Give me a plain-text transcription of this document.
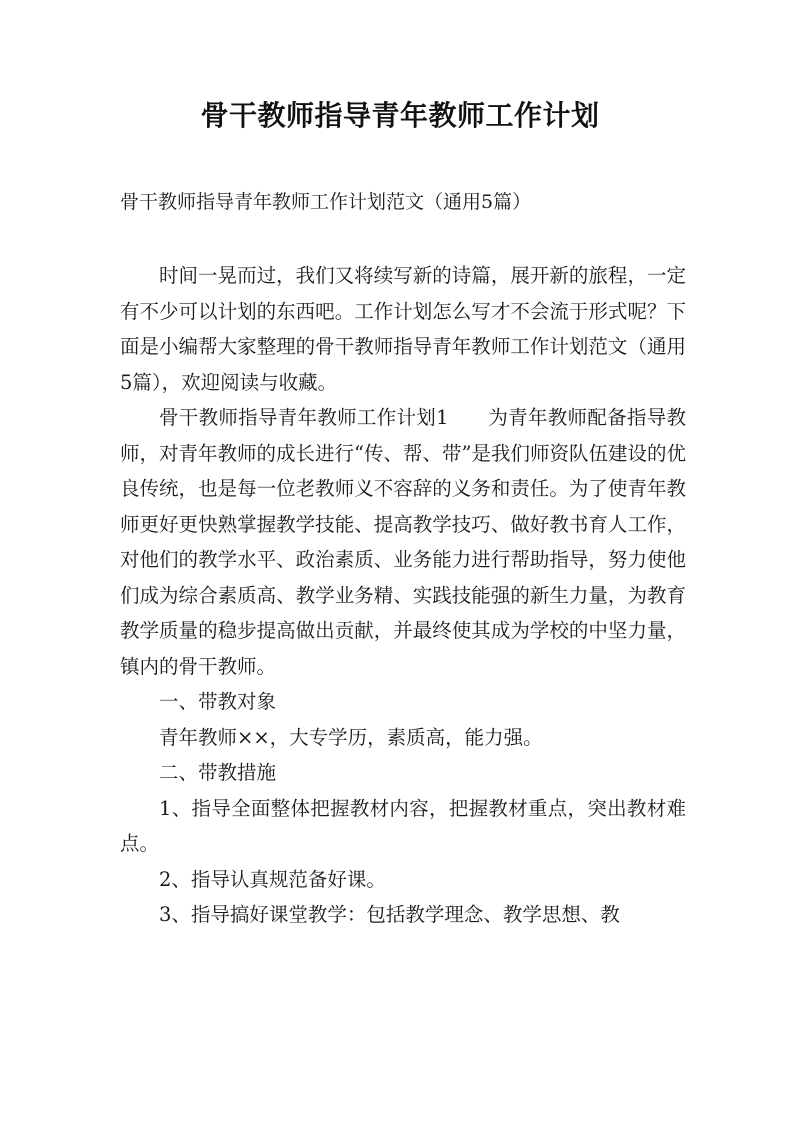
骨干教师指导青年教师工作计划
骨干教师指导青年教师工作计划范文（通用5篇）

时间一晃而过，我们又将续写新的诗篇，展开新的旅程，一定有不少可以计划的东西吧。工作计划怎么写才不会流于形式呢？下面是小编帮大家整理的骨干教师指导青年教师工作计划范文（通用5篇），欢迎阅读与收藏。

骨干教师指导青年教师工作计划1　　为青年教师配备指导教师，对青年教师的成长进行“传、帮、带”是我们师资队伍建设的优良传统，也是每一位老教师义不容辞的义务和责任。为了使青年教师更好更快熟掌握教学技能、提高教学技巧、做好教书育人工作，对他们的教学水平、政治素质、业务能力进行帮助指导，努力使他们成为综合素质高、教学业务精、实践技能强的新生力量，为教育教学质量的稳步提高做出贡献，并最终使其成为学校的中坚力量，镇内的骨干教师。

一、带教对象

青年教师××，大专学历，素质高，能力强。

二、带教措施

1、指导全面整体把握教材内容，把握教材重点，突出教材难点。

2、指导认真规范备好课。

3、指导搞好课堂教学：包括教学理念、教学思想、教
